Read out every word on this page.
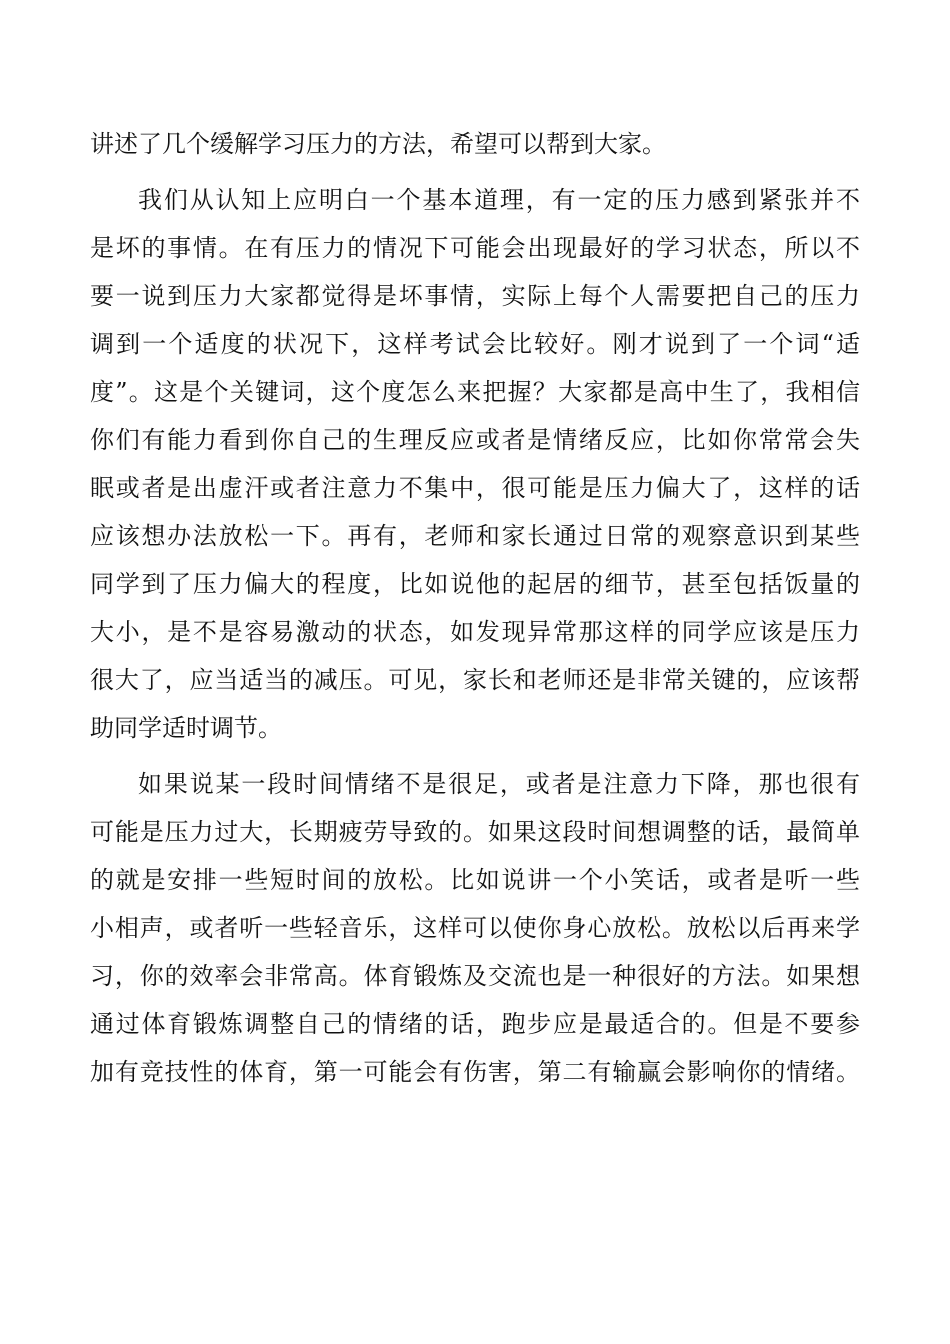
讲述了几个缓解学习压力的方法，希望可以帮到大家。
我们从认知上应明白一个基本道理，有一定的压力感到紧张并不
是坏的事情。在有压力的情况下可能会出现最好的学习状态，所以不
要一说到压力大家都觉得是坏事情，实际上每个人需要把自己的压力
调到一个适度的状况下，这样考试会比较好。刚才说到了一个词“适
度”。这是个关键词，这个度怎么来把握？大家都是高中生了，我相信
你们有能力看到你自己的生理反应或者是情绪反应，比如你常常会失
眠或者是出虚汗或者注意力不集中，很可能是压力偏大了，这样的话
应该想办法放松一下。再有，老师和家长通过日常的观察意识到某些
同学到了压力偏大的程度，比如说他的起居的细节，甚至包括饭量的
大小，是不是容易激动的状态，如发现异常那这样的同学应该是压力
很大了，应当适当的减压。可见，家长和老师还是非常关键的，应该帮
助同学适时调节。
如果说某一段时间情绪不是很足，或者是注意力下降，那也很有
可能是压力过大，长期疲劳导致的。如果这段时间想调整的话，最简单
的就是安排一些短时间的放松。比如说讲一个小笑话，或者是听一些
小相声，或者听一些轻音乐，这样可以使你身心放松。放松以后再来学
习，你的效率会非常高。体育锻炼及交流也是一种很好的方法。如果想
通过体育锻炼调整自己的情绪的话，跑步应是最适合的。但是不要参
加有竞技性的体育，第一可能会有伤害，第二有输赢会影响你的情绪。
